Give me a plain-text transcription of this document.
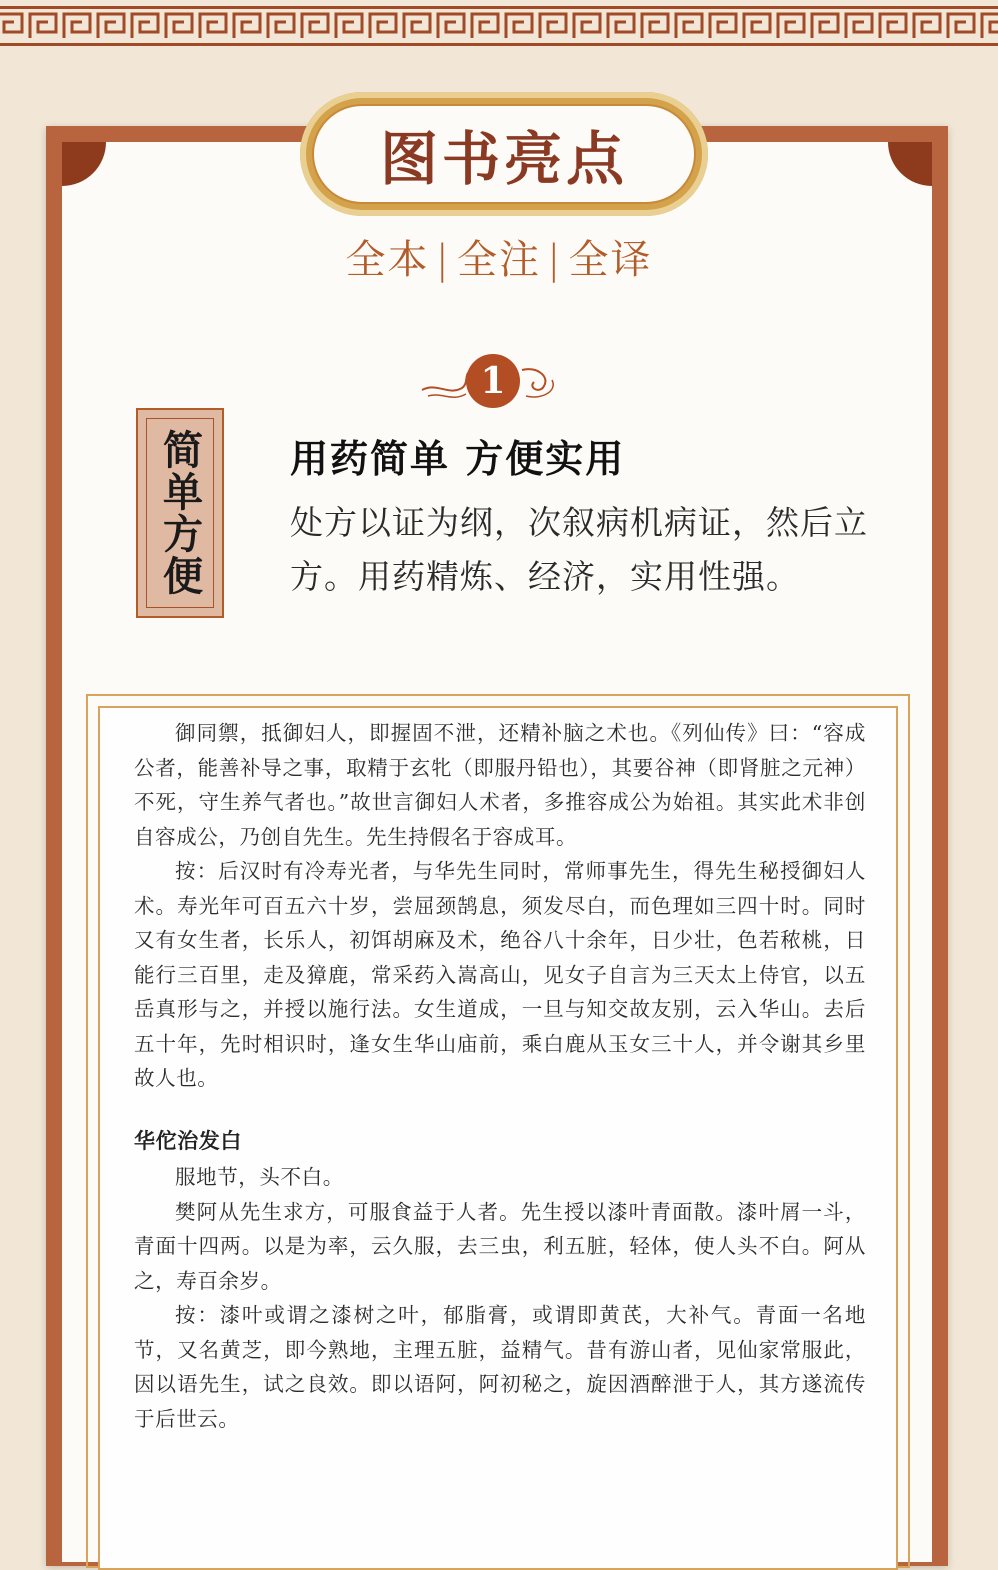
图书亮点
全本 | 全注 | 全译
1
简单方便 用药简单 方便实用
处方以证为纲，次叙病机病证，然后立方。用药精炼、经济，实用性强。

御同禦，抵御妇人，即握固不泄，还精补脑之术也。《列仙传》曰：“容成公者，能善补导之事，取精于玄牝（即服丹铅也），其要谷神（即肾脏之元神）不死，守生养气者也。”故世言御妇人术者，多推容成公为始祖。其实此术非创自容成公，乃创自先生。先生持假名于容成耳。

按：后汉时有冷寿光者，与华先生同时，常师事先生，得先生秘授御妇人术。寿光年可百五六十岁，尝屈颈鹄息，须发尽白，而色理如三四十时。同时又有女生者，长乐人，初饵胡麻及术，绝谷八十余年，日少壮，色若秾桃，日能行三百里，走及獐鹿，常采药入嵩高山，见女子自言为三天太上侍官，以五岳真形与之，并授以施行法。女生道成，一旦与知交故友别，云入华山。去后五十年，先时相识时，逢女生华山庙前，乘白鹿从玉女三十人，并令谢其乡里故人也。

华佗治发白

服地节，头不白。

樊阿从先生求方，可服食益于人者。先生授以漆叶青面散。漆叶屑一斗，青面十四两。以是为率，云久服，去三虫，利五脏，轻体，使人头不白。阿从之，寿百余岁。

按：漆叶或谓之漆树之叶，郁脂膏，或谓即黄芪，大补气。青面一名地节，又名黄芝，即今熟地，主理五脏，益精气。昔有游山者，见仙家常服此，因以语先生，试之良效。即以语阿，阿初秘之，旋因酒醉泄于人，其方遂流传于后世云。
